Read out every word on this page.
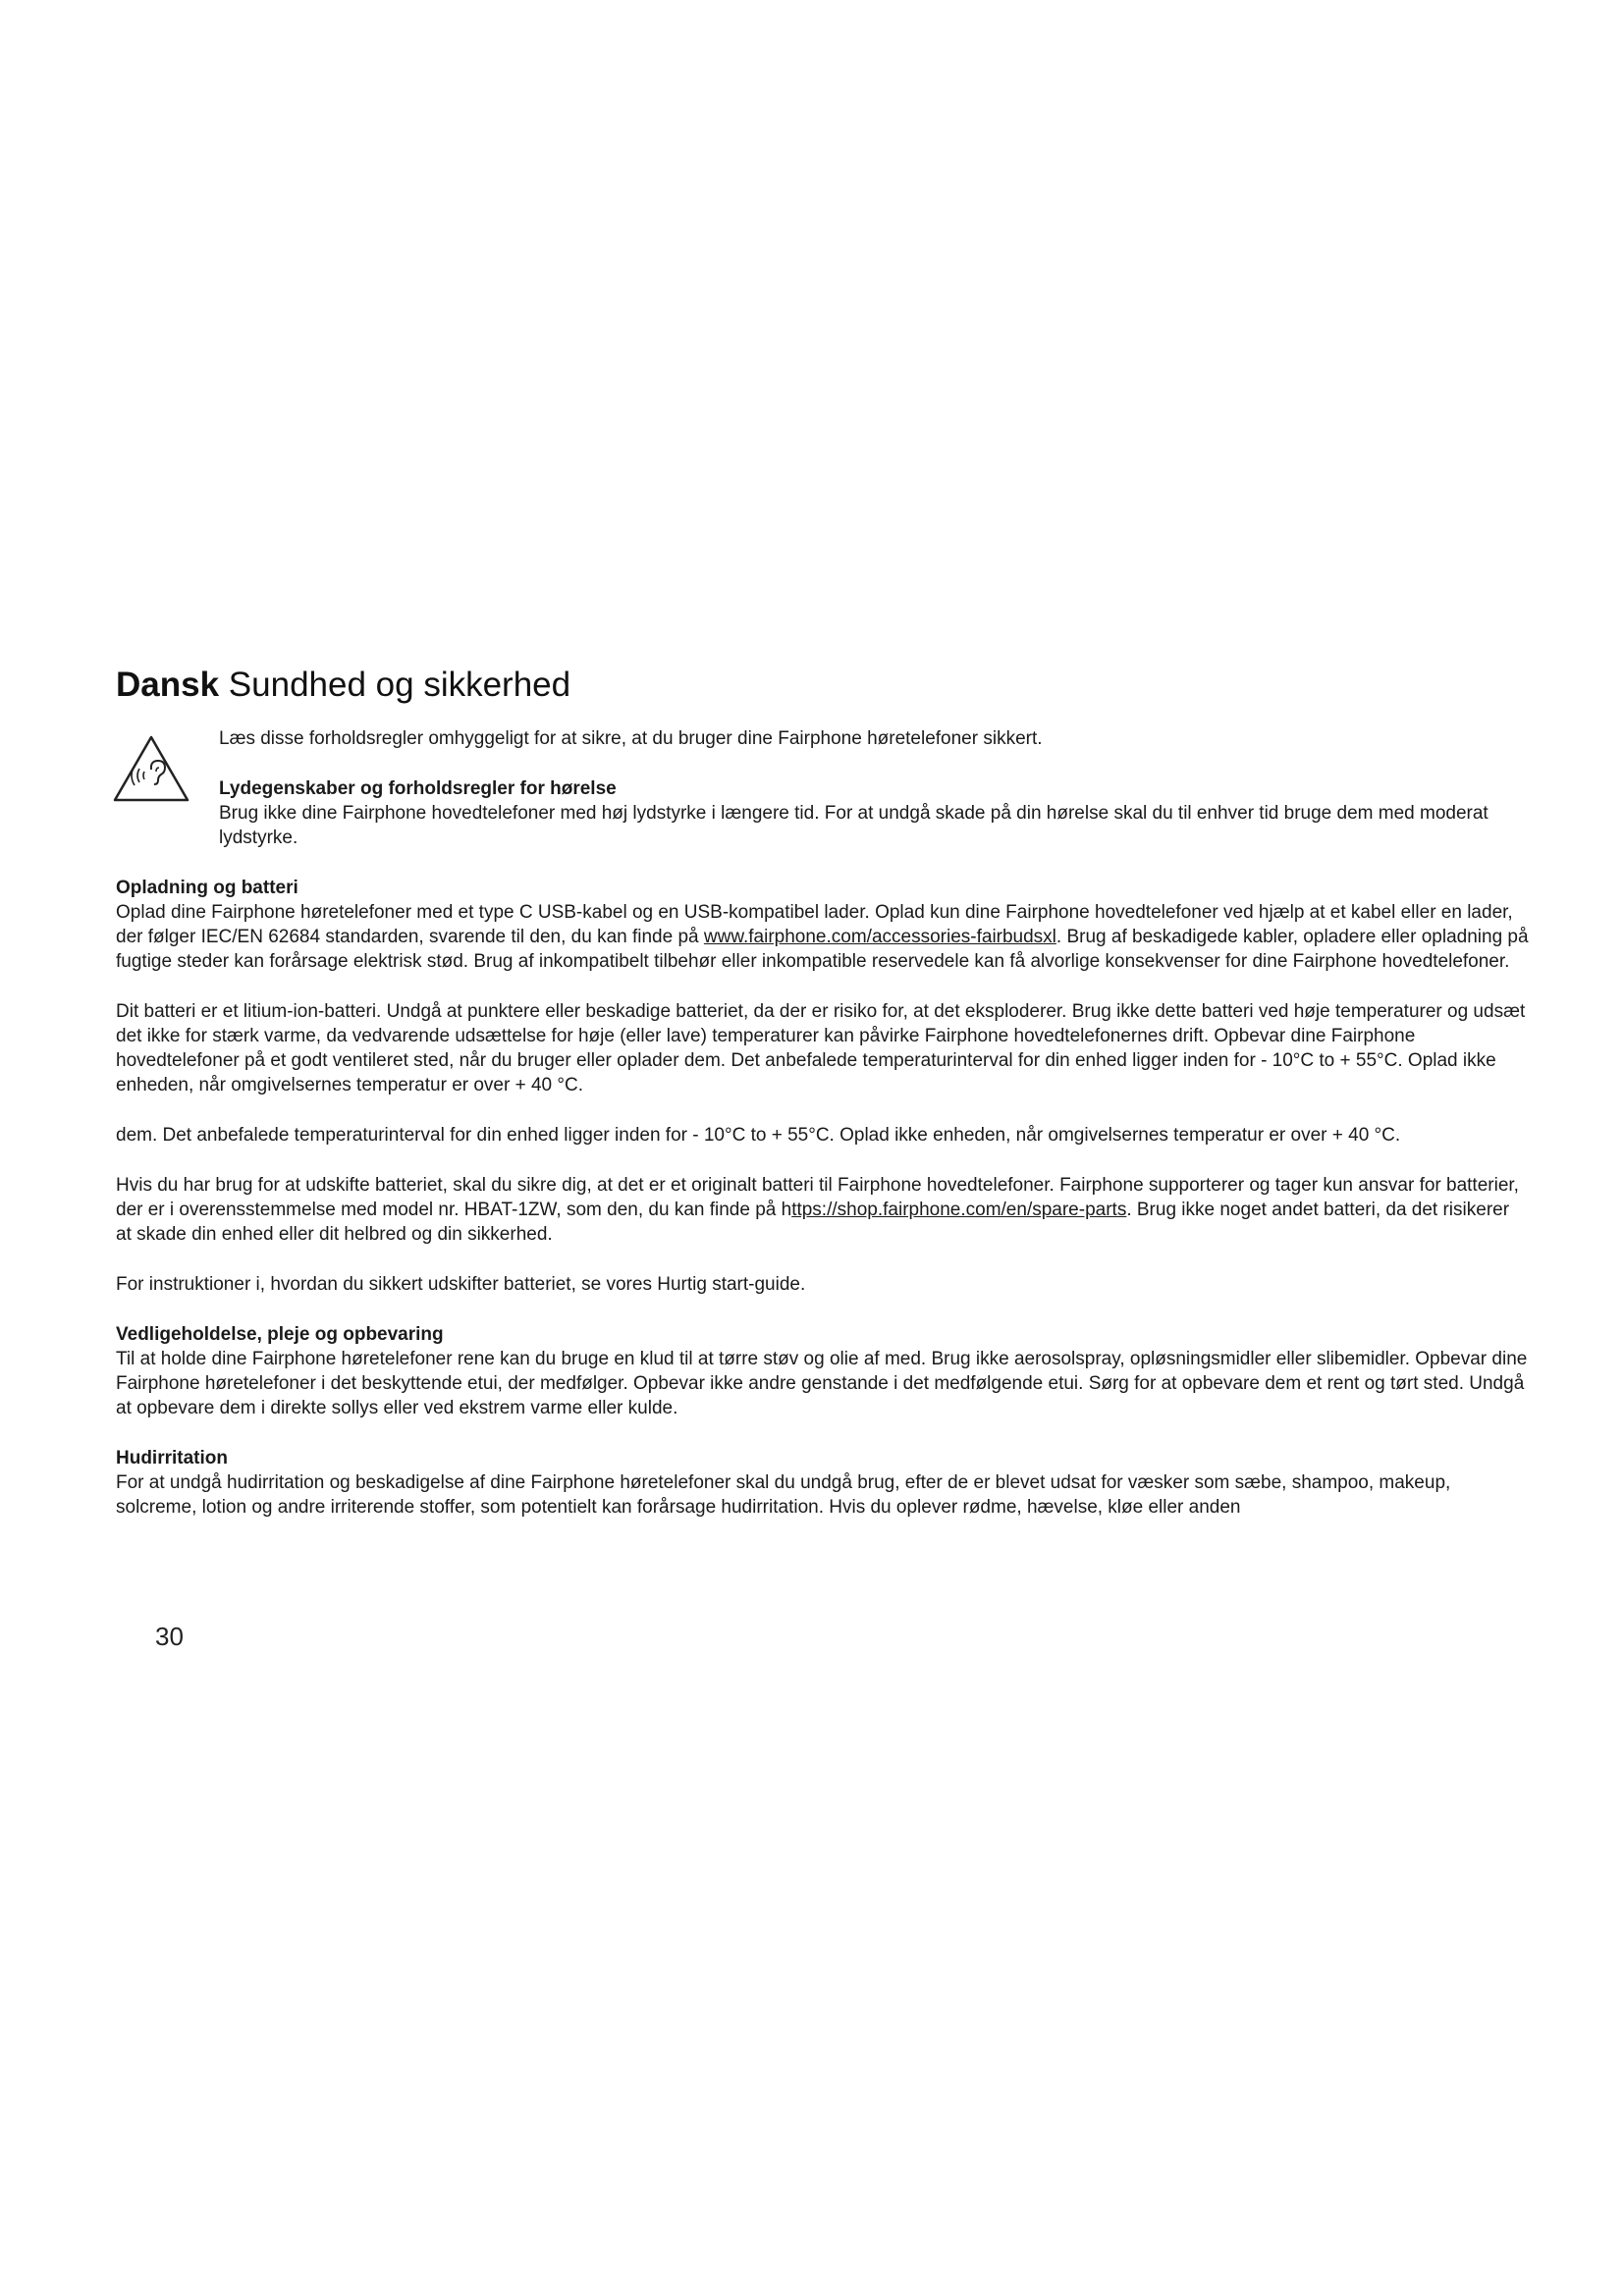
Dansk Sundhed og sikkerhed

Læs disse forholdsregler omhyggeligt for at sikre, at du bruger dine Fairphone høretelefoner sikkert.

Lydegenskaber og forholdsregler for hørelse

Brug ikke dine Fairphone hovedtelefoner med høj lydstyrke i længere tid. For at undgå skade på din hørelse skal du til enhver tid bruge dem med moderat lydstyrke.

Opladning og batteri

Oplad dine Fairphone høretelefoner med et type C USB-kabel og en USB-kompatibel lader. Oplad kun dine Fairphone hovedtelefoner ved hjælp at et kabel eller en lader, der følger IEC/EN 62684 standarden, svarende til den, du kan finde på www.fairphone.com/accessories-fairbudsxl. Brug af beskadigede kabler, opladere eller opladning på fugtige steder kan forårsage elektrisk stød. Brug af inkompatibelt tilbehør eller inkompatible reservedele kan få alvorlige konsekvenser for dine Fairphone hovedtelefoner.

Dit batteri er et litium-ion-batteri. Undgå at punktere eller beskadige batteriet, da der er risiko for, at det eksploderer. Brug ikke dette batteri ved høje temperaturer og udsæt det ikke for stærk varme, da vedvarende udsættelse for høje (eller lave) temperaturer kan påvirke Fairphone hovedtelefonernes drift. Opbevar dine Fairphone hovedtelefoner på et godt ventileret sted, når du bruger eller oplader dem. Det anbefalede temperaturinterval for din enhed ligger inden for - 10°C to + 55°C. Oplad ikke enheden, når omgivelsernes temperatur er over + 40 °C.

dem. Det anbefalede temperaturinterval for din enhed ligger inden for - 10°C to + 55°C. Oplad ikke enheden, når omgivelsernes temperatur er over + 40 °C.

Hvis du har brug for at udskifte batteriet, skal du sikre dig, at det er et originalt batteri til Fairphone hovedtelefoner. Fairphone supporterer og tager kun ansvar for batterier, der er i overensstemmelse med model nr. HBAT-1ZW, som den, du kan finde på https://shop.fairphone.com/en/spare-parts. Brug ikke noget andet batteri, da det risikerer at skade din enhed eller dit helbred og din sikkerhed.

For instruktioner i, hvordan du sikkert udskifter batteriet, se vores Hurtig start-guide.

Vedligeholdelse, pleje og opbevaring

Til at holde dine Fairphone høretelefoner rene kan du bruge en klud til at tørre støv og olie af med. Brug ikke aerosolspray, opløsningsmidler eller slibemidler. Opbevar dine Fairphone høretelefoner i det beskyttende etui, der medfølger. Opbevar ikke andre genstande i det medfølgende etui. Sørg for at opbevare dem et rent og tørt sted. Undgå at opbevare dem i direkte sollys eller ved ekstrem varme eller kulde.

Hudirritation

For at undgå hudirritation og beskadigelse af dine Fairphone høretelefoner skal du undgå brug, efter de er blevet udsat for væsker som sæbe, shampoo, makeup, solcreme, lotion og andre irriterende stoffer, som potentielt kan forårsage hudirritation. Hvis du oplever rødme, hævelse, kløe eller anden

30
